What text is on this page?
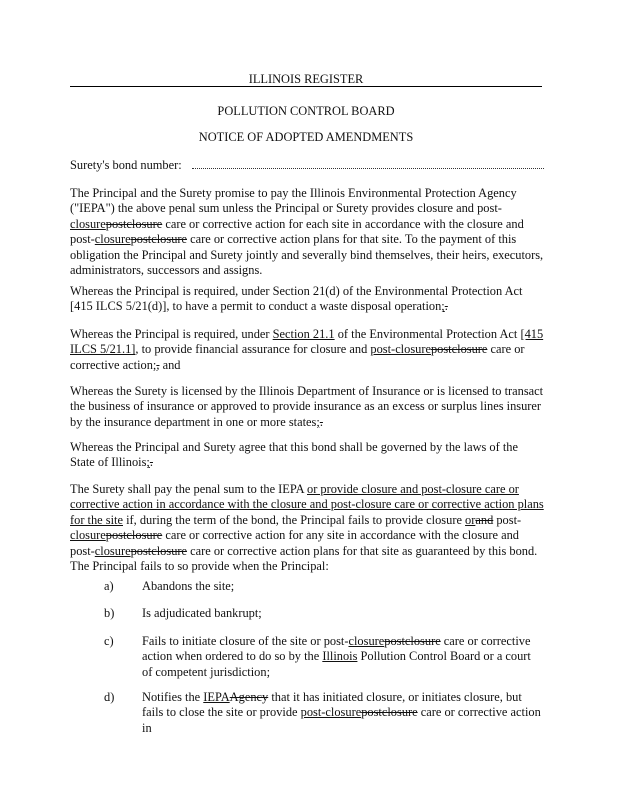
ILLINOIS REGISTER
POLLUTION CONTROL BOARD
NOTICE OF ADOPTED AMENDMENTS
Surety's bond number:

The Principal and the Surety promise to pay the Illinois Environmental Protection Agency ("IEPA") the above penal sum unless the Principal or Surety provides closure and post-closurepostclosure care or corrective action for each site in accordance with the closure and post-closurepostclosure care or corrective action plans for that site. To the payment of this obligation the Principal and Surety jointly and severally bind themselves, their heirs, executors, administrators, successors and assigns.

Whereas the Principal is required, under Section 21(d) of the Environmental Protection Act [415 ILCS 5/21(d)], to have a permit to conduct a waste disposal operation;.

Whereas the Principal is required, under Section 21.1 of the Environmental Protection Act [415 ILCS 5/21.1], to provide financial assurance for closure and post-closurepostclosure care or corrective action;, and

Whereas the Surety is licensed by the Illinois Department of Insurance or is licensed to transact the business of insurance or approved to provide insurance as an excess or surplus lines insurer by the insurance department in one or more states;.

Whereas the Principal and Surety agree that this bond shall be governed by the laws of the State of Illinois;.

The Surety shall pay the penal sum to the IEPA or provide closure and post-closure care or corrective action in accordance with the closure and post-closure care or corrective action plans for the site if, during the term of the bond, the Principal fails to provide closure orand post-closurepostclosure care or corrective action for any site in accordance with the closure and post-closurepostclosure care or corrective action plans for that site as guaranteed by this bond. The Principal fails to so provide when the Principal:

a) Abandons the site;
b) Is adjudicated bankrupt;
c) Fails to initiate closure of the site or post-closurepostclosure care or corrective action when ordered to do so by the Illinois Pollution Control Board or a court of competent jurisdiction;
d) Notifies the IEPAAgency that it has initiated closure, or initiates closure, but fails to close the site or provide post-closurepostclosure care or corrective action in
